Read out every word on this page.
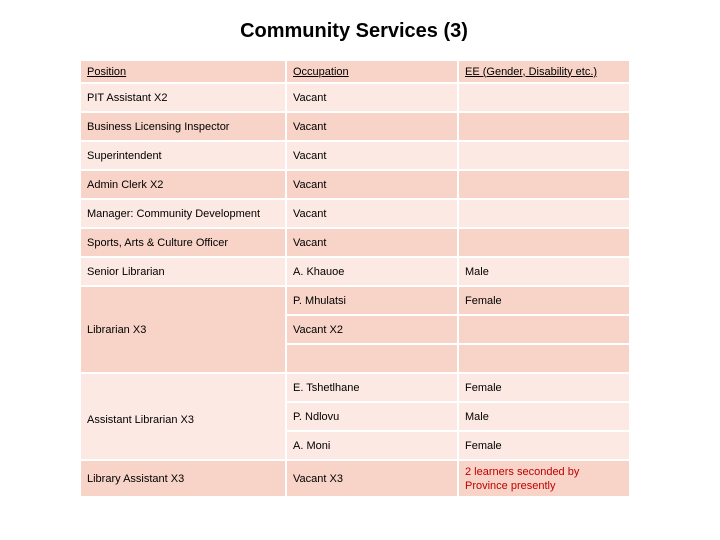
Community Services (3)
Position	Occupation	EE (Gender, Disability etc.)
PIT Assistant X2	Vacant	
Business Licensing Inspector	Vacant	
Superintendent	Vacant	
Admin Clerk X2	Vacant	
Manager: Community Development	Vacant	
Sports, Arts & Culture Officer	Vacant	
Senior Librarian	A. Khauoe	Male
Librarian X3	P. Mhulatsi	Female
	Vacant X2	

Assistant Librarian X3	E. Tshetlhane	Female
	P. Ndlovu	Male
	A. Moni	Female
Library Assistant X3	Vacant X3	2 learners seconded by Province presently
